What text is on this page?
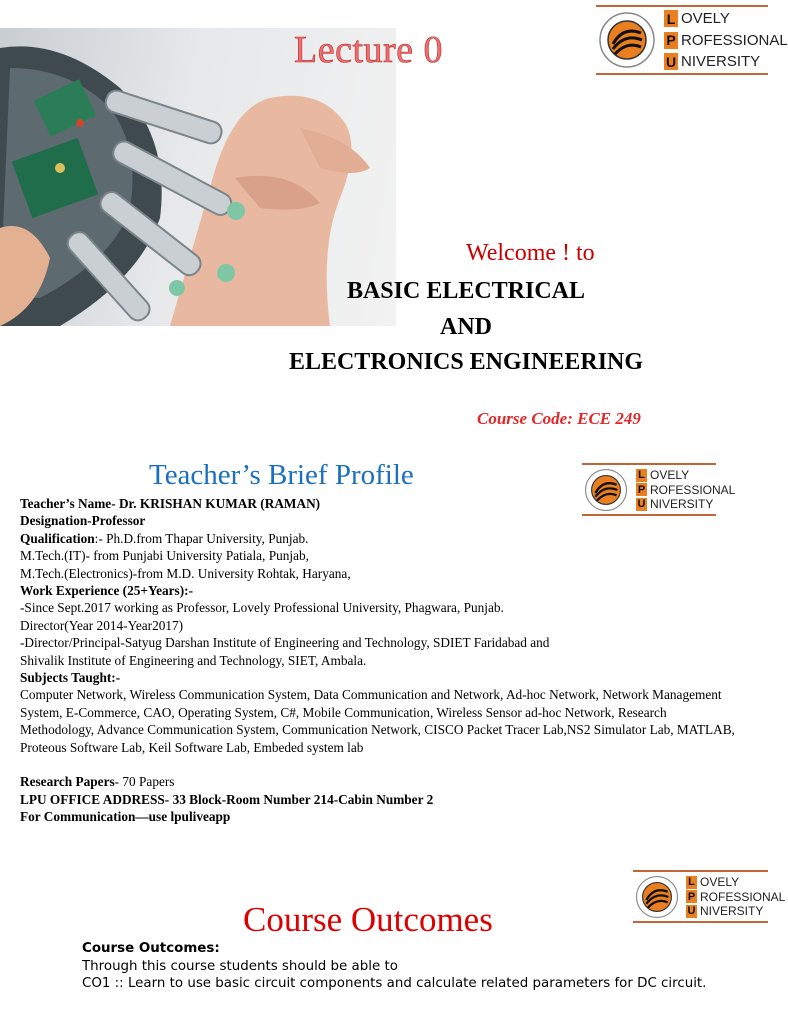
Lecture 0
L OVELY
P ROFESSIONAL
U NIVERSITY
Welcome ! to
BASIC ELECTRICAL
AND
ELECTRONICS ENGINEERING
Course Code: ECE 249
Teacher’s Brief Profile	L OVELY
P ROFESSIONAL
U NIVERSITY
Teacher’s Name- Dr. KRISHAN KUMAR (RAMAN)
Designation-Professor
Qualification:- Ph.D.from Thapar University, Punjab.
M.Tech.(IT)- from Punjabi University Patiala, Punjab,
M.Tech.(Electronics)-from M.D. University Rohtak, Haryana,
Work Experience (25+Years):-
-Since Sept.2017 working as Professor, Lovely Professional University, Phagwara, Punjab.
Director(Year 2014-Year2017)
-Director/Principal-Satyug Darshan Institute of Engineering and Technology, SDIET Faridabad and
Shivalik Institute of Engineering and Technology, SIET, Ambala.
Subjects Taught:-
Computer Network, Wireless Communication System, Data Communication and Network, Ad-hoc Network, Network Management System, E-Commerce, CAO, Operating System, C#, Mobile Communication, Wireless Sensor ad-hoc Network, Research Methodology, Advance Communication System, Communication Network, CISCO Packet Tracer Lab,NS2 Simulator Lab, MATLAB, Proteous Software Lab, Keil Software Lab, Embeded system lab
Research Papers- 70 Papers
LPU OFFICE ADDRESS- 33 Block-Room Number 214-Cabin Number 2
For Communication—use lpuliveapp
L OVELY
P ROFESSIONAL
U NIVERSITY
Course Outcomes
Course Outcomes:
Through this course students should be able to
CO1 :: Learn to use basic circuit components and calculate related parameters for DC circuit.
